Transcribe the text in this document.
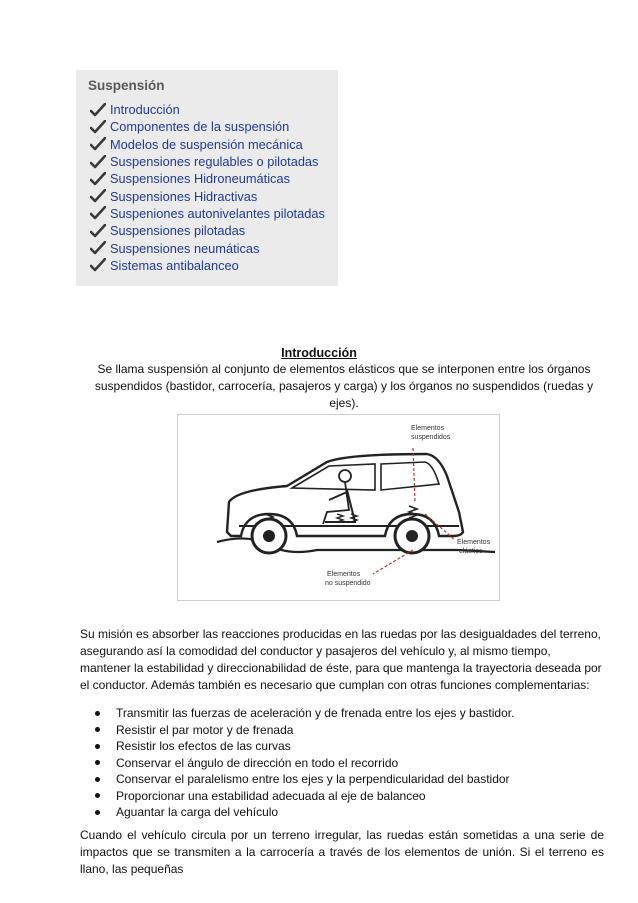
Suspensión
Introducción
Componentes de la suspensión
Modelos de suspensión mecánica
Suspensiones regulables o pilotadas
Suspensiones Hidroneumáticas
Suspensiones Hidractivas
Suspeniones autonivelantes pilotadas
Suspensiones pilotadas
Suspensiones neumáticas
Sistemas antibalanceo
Introducción
Se llama suspensión al conjunto de elementos elásticos que se interponen entre los órganos suspendidos (bastidor, carrocería, pasajeros y carga) y los órganos no suspendidos (ruedas y ejes).
Elementos
suspendidos
Elementos
elástico
Elementos
no suspendido
Su misión es absorber las reacciones producidas en las ruedas por las desigualdades del terreno, asegurando así la comodidad del conductor y pasajeros del vehículo y, al mismo tiempo, mantener la estabilidad y direccionabilidad de éste, para que mantenga la trayectoria deseada por el conductor. Además también es necesario que cumplan con otras funciones complementarias:
Transmitir las fuerzas de aceleración y de frenada entre los ejes y bastidor.
Resistir el par motor y de frenada
Resistir los efectos de las curvas
Conservar el ángulo de dirección en todo el recorrido
Conservar el paralelismo entre los ejes y la perpendicularidad del bastidor
Proporcionar una estabilidad adecuada al eje de balanceo
Aguantar la carga del vehículo
Cuando el vehículo circula por un terreno irregular, las ruedas están sometidas a una serie de impactos que se transmiten a la carrocería a través de los elementos de unión. Si el terreno es llano, las pequeñas
